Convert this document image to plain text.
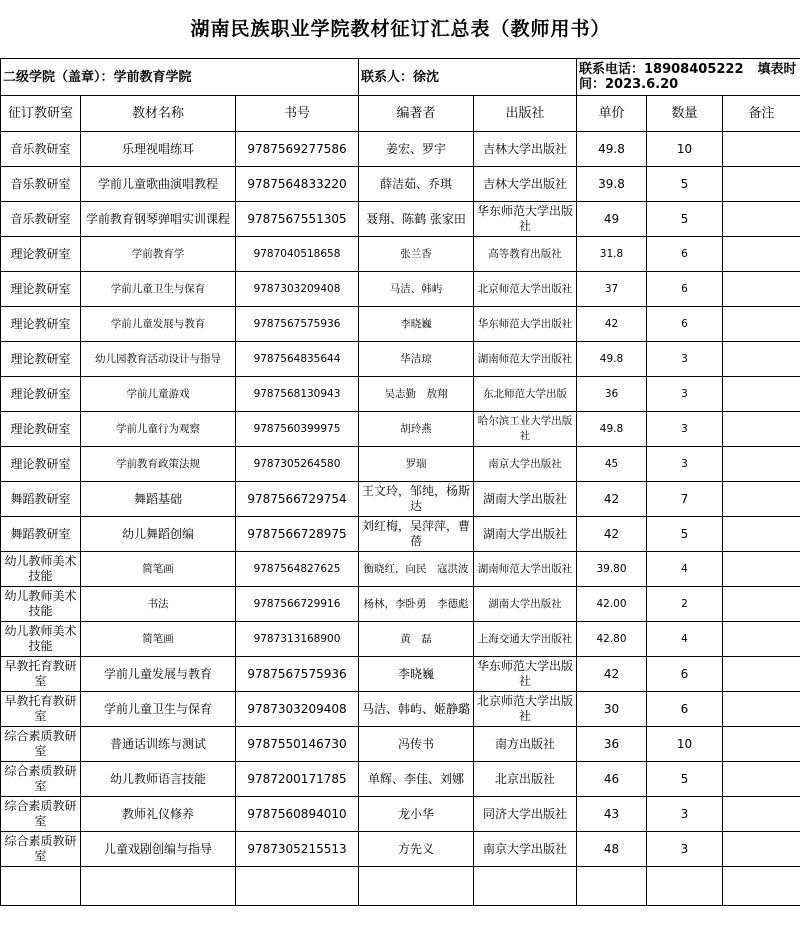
湖南民族职业学院教材征订汇总表（教师用书）							
二级学院（盖章）：学前教育学院			联系人：徐沈		联系电话：18908405222 填表时间：2023.6.20		
征订教研室	教材名称	书号	编著者	出版社	单价	数量	备注
音乐教研室	乐理视唱练耳	9787569277586	姜宏、罗宇	吉林大学出版社	49.8	10	
音乐教研室	学前儿童歌曲演唱教程	9787564833220	薛洁茹、乔琪	吉林大学出版社	39.8	5	
音乐教研室	学前教育钢琴弹唱实训课程	9787567551305	聂翔、陈鹤 张家田	华东师范大学出版社	49	5	
理论教研室	学前教育学	9787040518658	张兰香	高等教育出版社	31.8	6	
理论教研室	学前儿童卫生与保育	9787303209408	马洁、韩屿	北京师范大学出版社	37	6	
理论教研室	学前儿童发展与教育	9787567575936	李晓巍	华东师范大学出版社	42	6	
理论教研室	幼儿园教育活动设计与指导	9787564835644	华洁琼	湖南师范大学出版社	49.8	3	
理论教研室	学前儿童游戏	9787568130943	吴志勤　敖翔	东北师范大学出版	36	3	
理论教研室	学前儿童行为观察	9787560399975	胡玲燕	哈尔滨工业大学出版社	49.8	3	
理论教研室	学前教育政策法规	9787305264580	罗瑞	南京大学出版社	45	3	
舞蹈教研室	舞蹈基础	9787566729754	王文玲，邹纯，杨斯达	湖南大学出版社	42	7	
舞蹈教研室	幼儿舞蹈创编	9787566728975	刘红梅，吴萍萍，曹蓓	湖南大学出版社	42	5	
幼儿教师美术技能	简笔画	9787564827625	衡晓红，向民　寇洪波	湖南师范大学出版社	39.80	4	
幼儿教师美术技能	书法	9787566729916	杨林，李卧勇　李德彪	湖南大学出版社	42.00	2	
幼儿教师美术技能	简笔画	9787313168900	黄　磊	上海交通大学出版社	42.80	4	
早教托育教研室	学前儿童发展与教育	9787567575936	李晓巍	华东师范大学出版社	42	6	
早教托育教研室	学前儿童卫生与保育	9787303209408	马洁、韩屿、姬静璐	北京师范大学出版社	30	6	
综合素质教研室	普通话训练与测试	9787550146730	冯传书	南方出版社	36	10	
综合素质教研室	幼儿教师语言技能	9787200171785	单辉、李佳、刘娜	北京出版社	46	5	
综合素质教研室	教师礼仪修养	9787560894010	龙小华	同济大学出版社	43	3	
综合素质教研室	儿童戏剧创编与指导	9787305215513	方先义	南京大学出版社	48	3	
